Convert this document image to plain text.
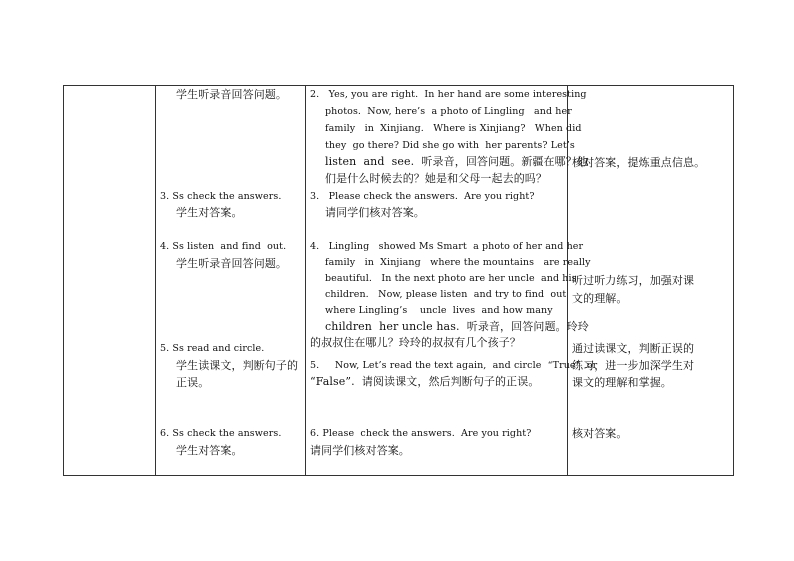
学生听录音回答问题。
3. Ss check the answers.
学生对答案。
4. Ss listen  and find  out.
学生听录音回答问题。
5. Ss read and circle.
学生读课文，判断句子的
正误。
6. Ss check the answers.
学生对答案。
2.   Yes, you are right.  In her hand are some interesting
photos.  Now, here’s  a photo of Lingling   and her
family   in  Xinjiang.   Where is Xinjiang?   When did
they  go there? Did she go with  her parents? Let’s
listen  and  see.  听录音，回答问题。新疆在哪？他
们是什么时候去的？她是和父母一起去的吗？
3.   Please check the answers.  Are you right?
请同学们核对答案。
4.   Lingling   showed Ms Smart  a photo of her and her
family   in  Xinjiang   where the mountains   are really
beautiful.   In the next photo are her uncle  and his
children.   Now, please listen  and try to find  out
where Lingling’s    uncle  lives  and how many
children  her uncle has.  听录音，回答问题。玲玲
的叔叔住在哪儿？玲玲的叔叔有几个孩子？
5.     Now, Let’s read the text again,  and circle  “True”  or
“False”.  请阅读课文，然后判断句子的正误。
6. Please  check the answers.  Are you right?
请同学们核对答案。
核对答案，提炼重点信息。
听过听力练习，加强对课
文的理解。
通过读课文，判断正误的
练习，进一步加深学生对
课文的理解和掌握。
核对答案。
